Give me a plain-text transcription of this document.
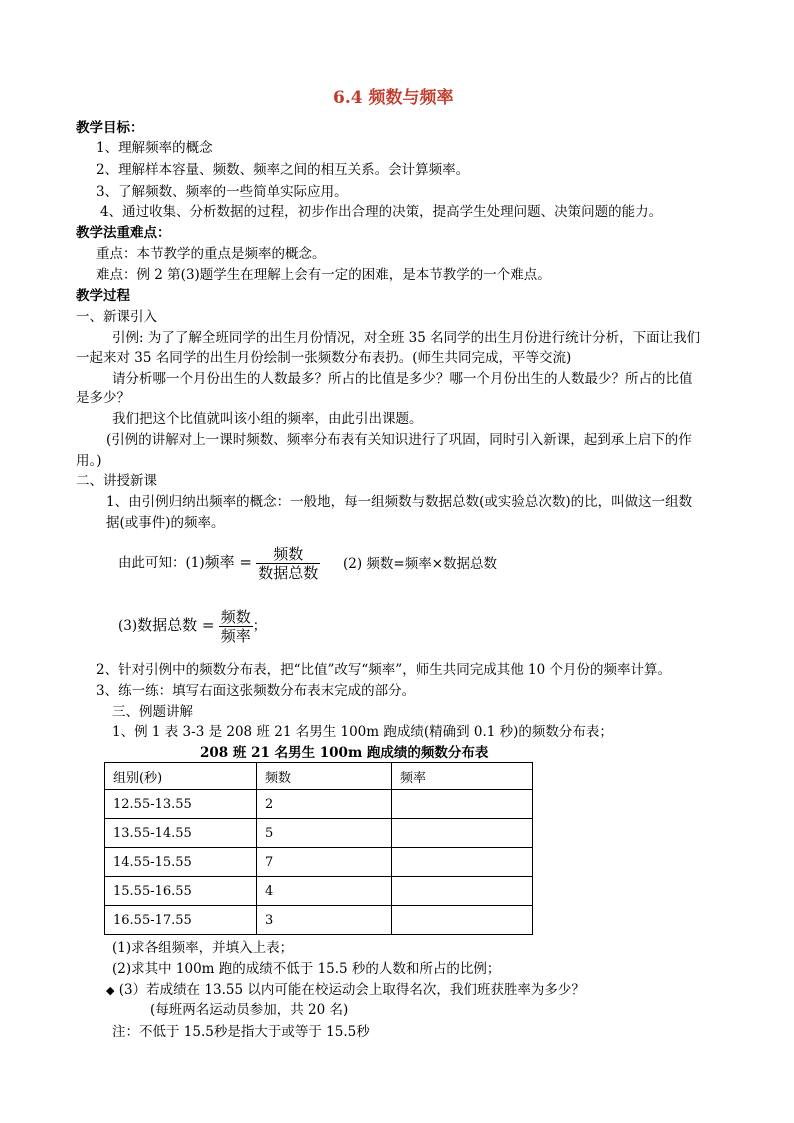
6.4 频数与频率
教学目标：
1、理解频率的概念
2、理解样本容量、频数、频率之间的相互关系。会计算频率。
3、了解频数、频率的一些简单实际应用。
4、通过收集、分析数据的过程，初步作出合理的决策，提高学生处理问题、决策问题的能力。
教学法重难点：
重点：本节教学的重点是频率的概念。
难点：例 2 第(3)题学生在理解上会有一定的困难，是本节教学的一个难点。
教学过程
一、新课引入
引例: 为了了解全班同学的出生月份情况，对全班 35 名同学的出生月份进行统计分析，下面让我们
一起来对 35 名同学的出生月份绘制一张频数分布表扔。(师生共同完成，平等交流)
请分析哪一个月份出生的人数最多？所占的比值是多少？哪一个月份出生的人数最少？所占的比值
是多少？
我们把这个比值就叫该小组的频率，由此引出课题。
(引例的讲解对上一课时频数、频率分布表有关知识进行了巩固，同时引入新课，起到承上启下的作
用。)
二、讲授新课
1、由引例归纳出频率的概念：一般地，每一组频数与数据总数(或实验总次数)的比，叫做这一组数
据(或事件)的频率。
由此可知：(1)频率 = $\frac{\text{频数}}{\text{数据总数}} (2)$ 频数=频率×数据总数
(3)数据总数 = $\frac{\text{频数}}{\text{频率}}$ ；
2、针对引例中的频数分布表，把“比值”改写“频率”，师生共同完成其他 10 个月份的频率计算。
3、练一练：填写右面这张频数分布表末完成的部分。
三、例题讲解
1、例 1 表 3-3 是 208 班 21 名男生 100m 跑成绩(精确到 0.1 秒)的频数分布表；
208 班 21 名男生 100m 跑成绩的频数分布表
组别(秒)	频数	频率
12.55-13.55	2	
13.55-14.55	5	
14.55-15.55	7	
15.55-16.55	4	
16.55-17.55	3	
(1)求各组频率，并填入上表；
(2)求其中 100m 跑的成绩不低于 15.5 秒的人数和所占的比例；
◆ (3）若成绩在 13.55 以内可能在校运动会上取得名次，我们班获胜率为多少？
(每班两名运动员参加，共 20 名)
注：不低于 15.5秒是指大于或等于 15.5秒
